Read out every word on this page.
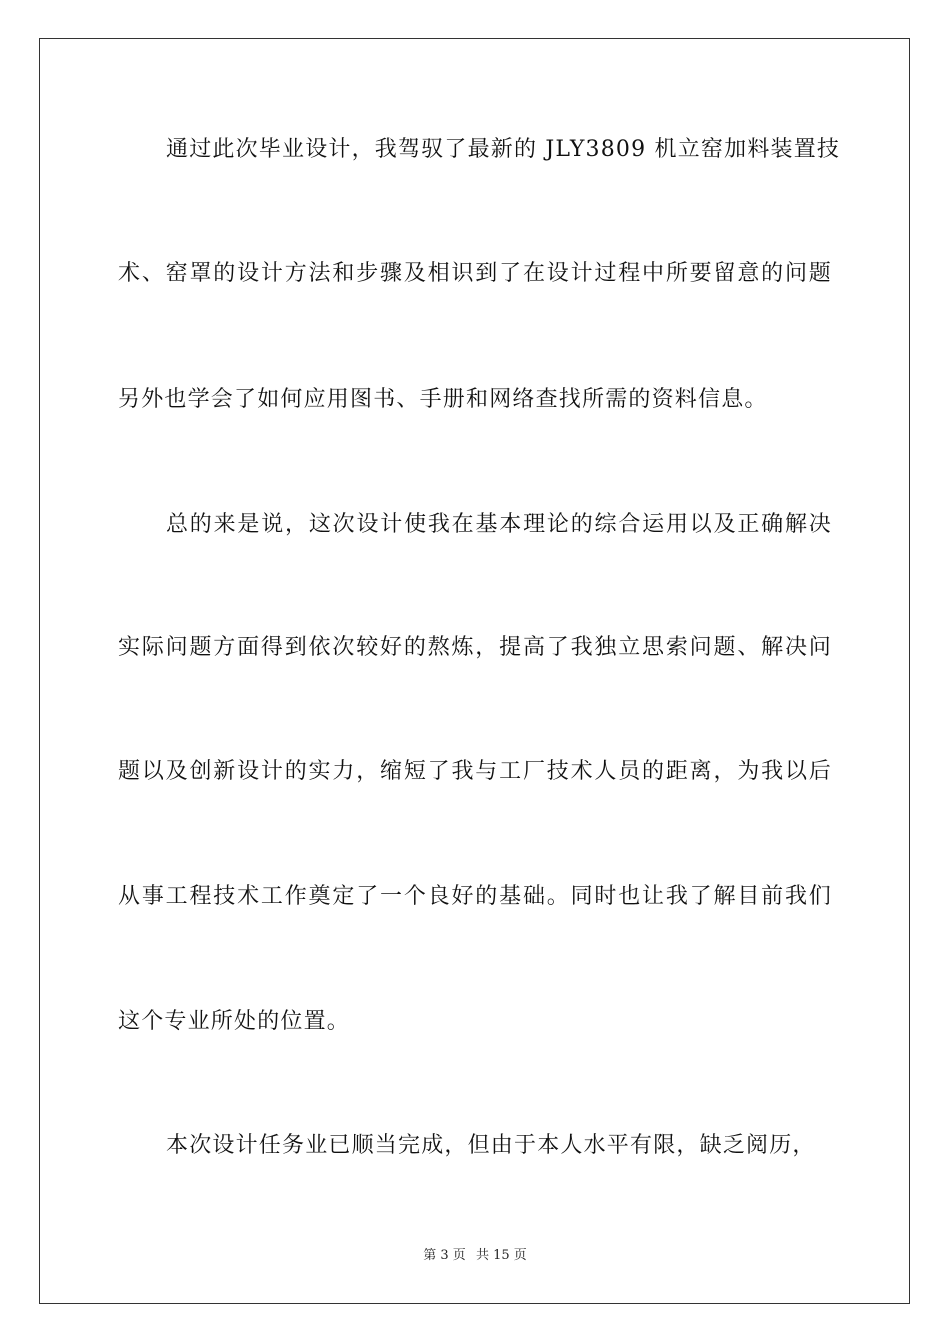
通过此次毕业设计，我驾驭了最新的 JLY3809 机立窑加料装置技
术、窑罩的设计方法和步骤及相识到了在设计过程中所要留意的问题
另外也学会了如何应用图书、手册和网络查找所需的资料信息。
总的来是说，这次设计使我在基本理论的综合运用以及正确解决
实际问题方面得到依次较好的熬炼，提高了我独立思索问题、解决问
题以及创新设计的实力，缩短了我与工厂技术人员的距离，为我以后
从事工程技术工作奠定了一个良好的基础。同时也让我了解目前我们
这个专业所处的位置。
本次设计任务业已顺当完成，但由于本人水平有限，缺乏阅历，
第 3 页 共 15 页
